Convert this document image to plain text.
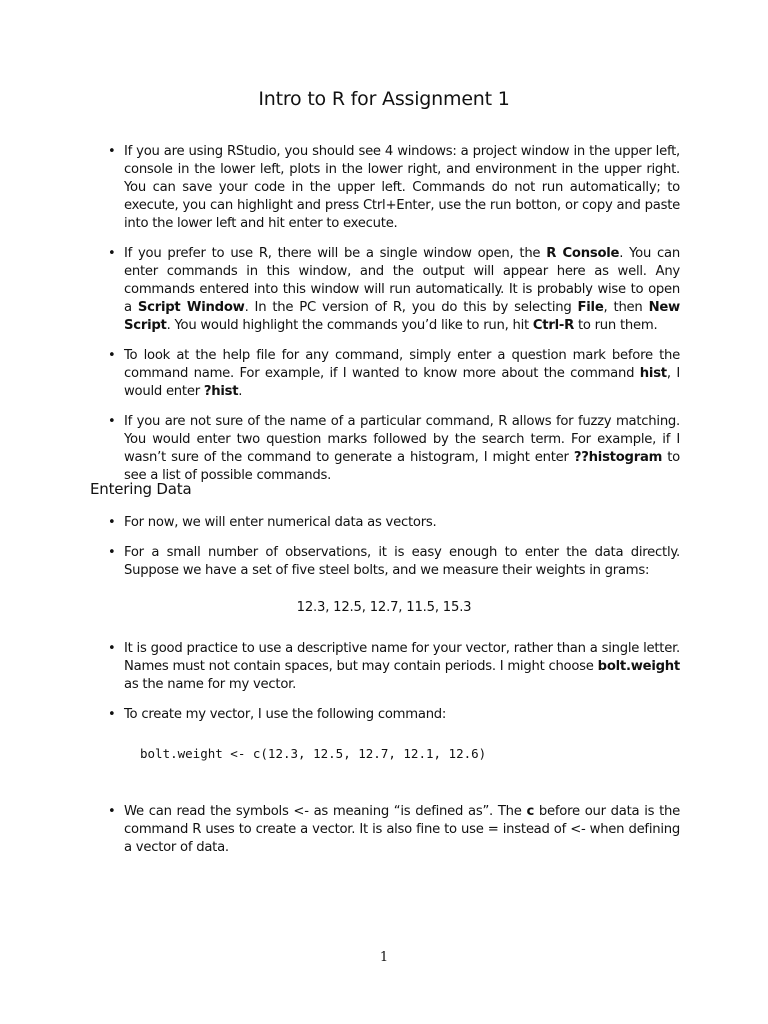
Intro to R for Assignment 1
• If you are using RStudio, you should see 4 windows: a project window in the upper left, console in the lower left, plots in the lower right, and environment in the upper right. You can save your code in the upper left. Commands do not run automatically; to execute, you can highlight and press Ctrl+Enter, use the run botton, or copy and paste into the lower left and hit enter to execute.
• If you prefer to use R, there will be a single window open, the R Console. You can enter commands in this window, and the output will appear here as well. Any commands entered into this window will run automatically. It is probably wise to open a Script Window. In the PC version of R, you do this by selecting File, then New Script. You would highlight the commands you’d like to run, hit Ctrl-R to run them.
• To look at the help file for any command, simply enter a question mark before the command name. For example, if I wanted to know more about the command hist, I would enter ?hist.
• If you are not sure of the name of a particular command, R allows for fuzzy matching. You would enter two question marks followed by the search term. For example, if I wasn’t sure of the command to generate a histogram, I might enter ??histogram to see a list of possible commands.
Entering Data
• For now, we will enter numerical data as vectors.
• For a small number of observations, it is easy enough to enter the data directly. Suppose we have a set of five steel bolts, and we measure their weights in grams:
12.3, 12.5, 12.7, 11.5, 15.3
• It is good practice to use a descriptive name for your vector, rather than a single letter. Names must not contain spaces, but may contain periods. I might choose bolt.weight as the name for my vector.
• To create my vector, I use the following command:
bolt.weight <- c(12.3, 12.5, 12.7, 12.1, 12.6)
• We can read the symbols <- as meaning “is defined as”. The c before our data is the command R uses to create a vector. It is also fine to use = instead of <- when defining a vector of data.
1
